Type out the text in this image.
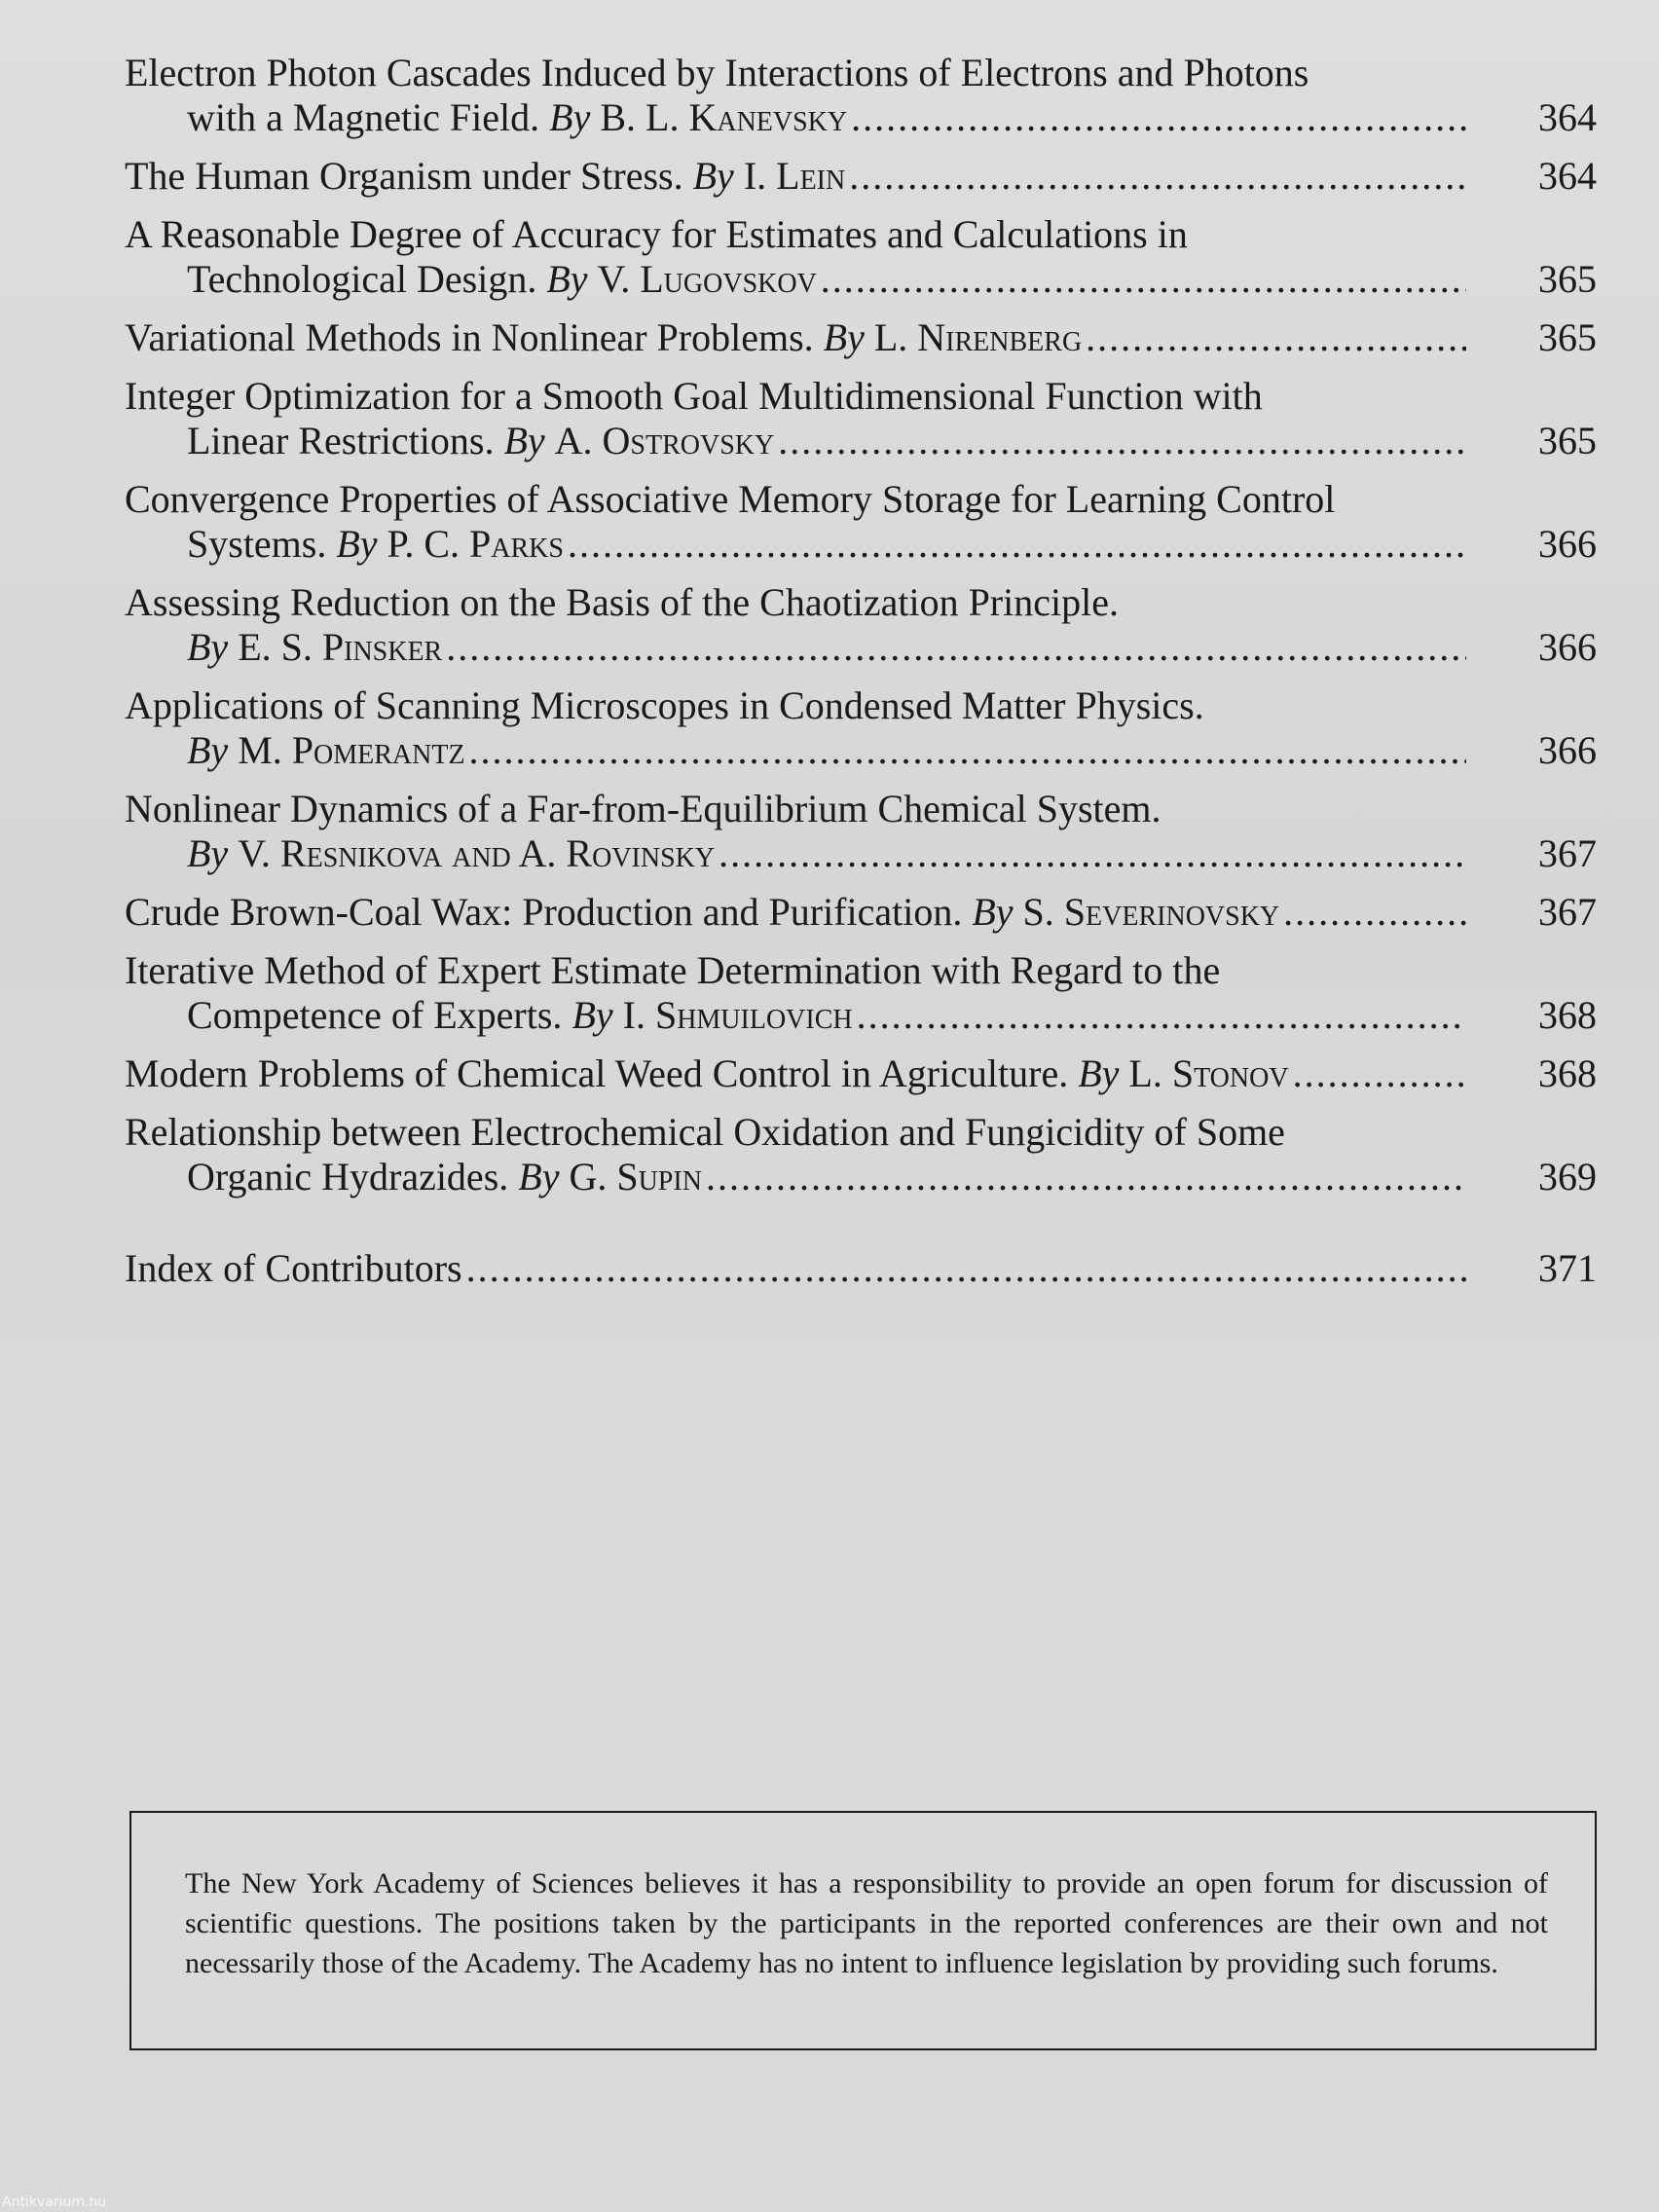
Electron Photon Cascades Induced by Interactions of Electrons and Photons
with a Magnetic Field. By B. L. Kanevsky .....	364
The Human Organism under Stress. By I. Lein .....	364
A Reasonable Degree of Accuracy for Estimates and Calculations in
Technological Design. By V. Lugovskov .....	365
Variational Methods in Nonlinear Problems. By L. Nirenberg .....	365
Integer Optimization for a Smooth Goal Multidimensional Function with
Linear Restrictions. By A. Ostrovsky .....	365
Convergence Properties of Associative Memory Storage for Learning Control
Systems. By P. C. Parks .....	366
Assessing Reduction on the Basis of the Chaotization Principle.
By E. S. Pinsker .....	366
Applications of Scanning Microscopes in Condensed Matter Physics.
By M. Pomerantz .....	366
Nonlinear Dynamics of a Far-from-Equilibrium Chemical System.
By V. Resnikova and A. Rovinsky .....	367
Crude Brown-Coal Wax: Production and Purification. By S. Severinovsky .....	367
Iterative Method of Expert Estimate Determination with Regard to the
Competence of Experts. By I. Shmuilovich .....	368
Modern Problems of Chemical Weed Control in Agriculture. By L. Stonov .....	368
Relationship between Electrochemical Oxidation and Fungicidity of Some
Organic Hydrazides. By G. Supin .....	369
Index of Contributors .....	371
The New York Academy of Sciences believes it has a responsibility to provide an open forum for discussion of scientific questions. The positions taken by the participants in the reported conferences are their own and not necessarily those of the Academy. The Academy has no intent to influence legislation by providing such forums.
Antikvarium.hu
